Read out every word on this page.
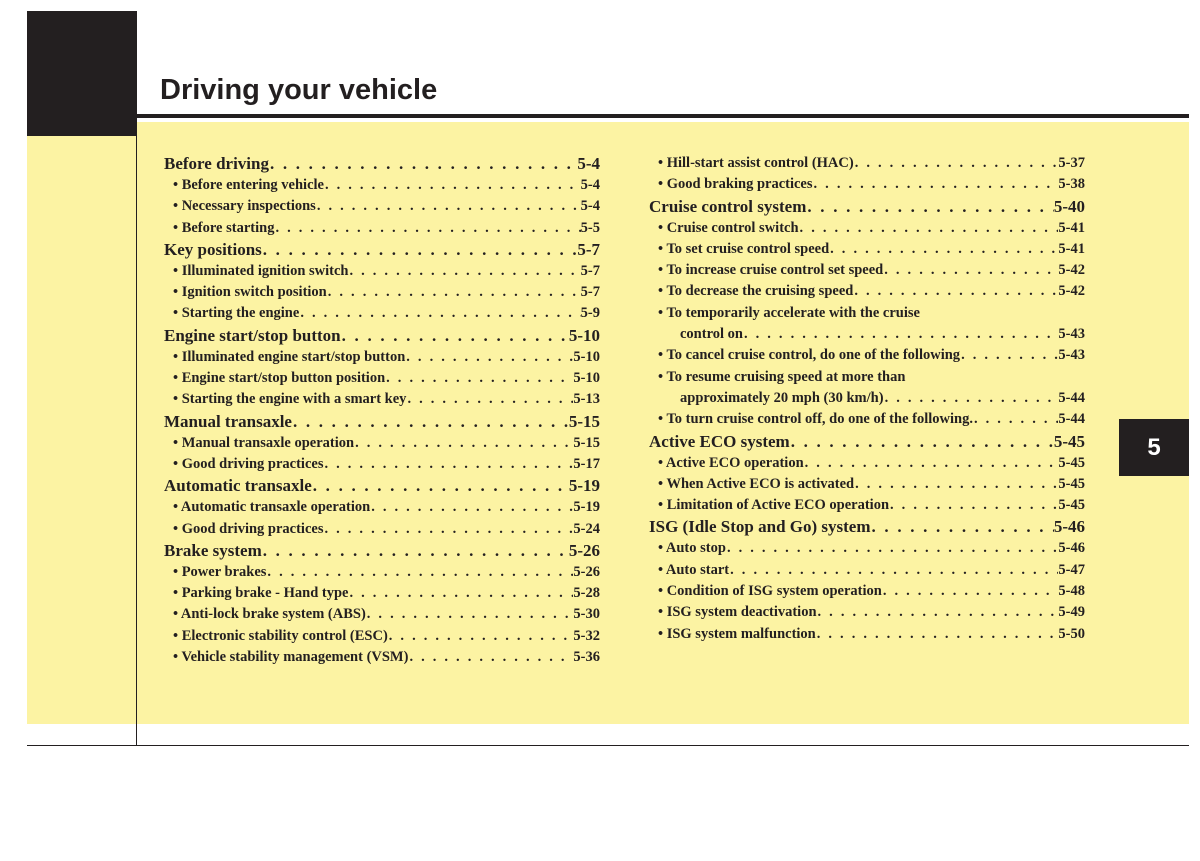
Driving your vehicle
5
Before driving . . .	5-4
• Before entering vehicle . . .	5-4
• Necessary inspections . . .	5-4
• Before starting . . .	5-5
Key positions . . .	5-7
• Illuminated ignition switch . . .	5-7
• Ignition switch position . . .	5-7
• Starting the engine . . .	5-9
Engine start/stop button . . .	5-10
• Illuminated engine start/stop button . . .	5-10
• Engine start/stop button position . . .	5-10
• Starting the engine with a smart key . . .	5-13
Manual transaxle . . .	5-15
• Manual transaxle operation . . .	5-15
• Good driving practices . . .	5-17
Automatic transaxle . . .	5-19
• Automatic transaxle operation . . .	5-19
• Good driving practices . . .	5-24
Brake system . . .	5-26
• Power brakes . . .	5-26
• Parking brake - Hand type . . .	5-28
• Anti-lock brake system (ABS) . . .	5-30
• Electronic stability control (ESC) . . .	5-32
• Vehicle stability management (VSM) . . .	5-36
• Hill-start assist control (HAC) . . .	5-37
• Good braking practices . . .	5-38
Cruise control system . . .	5-40
• Cruise control switch . . .	5-41
• To set cruise control speed . . .	5-41
• To increase cruise control set speed . . .	5-42
• To decrease the cruising speed . . .	5-42
• To temporarily accelerate with the cruise
control on . . .	5-43
• To cancel cruise control, do one of the following . . .	5-43
• To resume cruising speed at more than
approximately 20 mph (30 km/h) . . .	5-44
• To turn cruise control off, do one of the following. . . .	5-44
Active ECO system . . .	5-45
• Active ECO operation . . .	5-45
• When Active ECO is activated . . .	5-45
• Limitation of Active ECO operation . . .	5-45
ISG (Idle Stop and Go) system . . .	5-46
• Auto stop . . .	5-46
• Auto start . . .	5-47
• Condition of ISG system operation . . .	5-48
• ISG system deactivation . . .	5-49
• ISG system malfunction . . .	5-50
